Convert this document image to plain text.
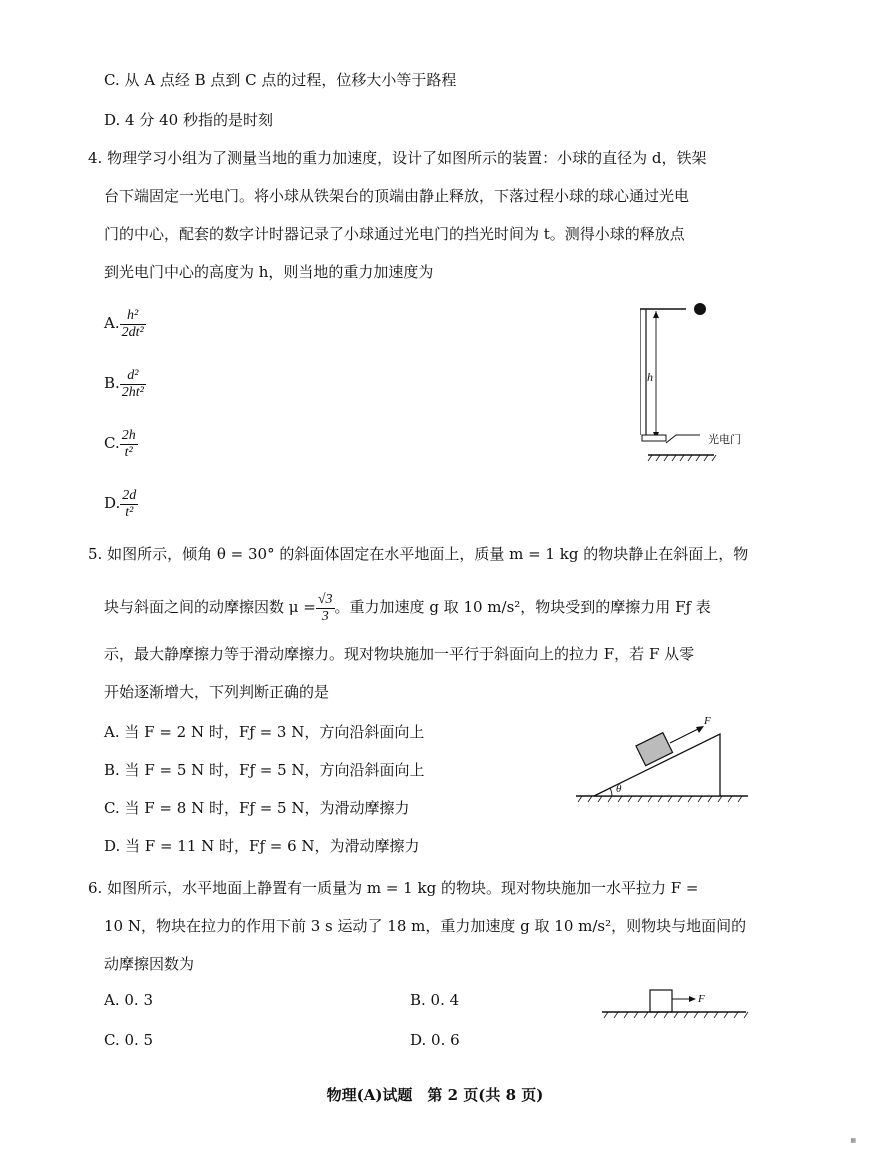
C. 从 A 点经 B 点到 C 点的过程，位移大小等于路程
D. 4 分 40 秒指的是时刻
4. 物理学习小组为了测量当地的重力加速度，设计了如图所示的装置：小球的直径为 d，铁架
台下端固定一光电门。将小球从铁架台的顶端由静止释放，下落过程小球的球心通过光电
门的中心，配套的数字计时器记录了小球通过光电门的挡光时间为 t。测得小球的释放点
到光电门中心的高度为 h，则当地的重力加速度为
A. $\frac{\text{h²}}{\text{2dt²}}$
B. $\frac{\text{d²}}{\text{2ht²}}$
C. $\frac{2h}{\text{t²}}$
D. $\frac{2d}{\text{t²}}$
h
光电门
5. 如图所示，倾角 θ = 30° 的斜面体固定在水平地面上，质量 m = 1 kg 的物块静止在斜面上，物
块与斜面之间的动摩擦因数 $\mu = \frac{√3}{3}$ 。重力加速度 g 取 10 m/s²，物块受到的摩擦力用 Fƒ 表
示，最大静摩擦力等于滑动摩擦力。现对物块施加一平行于斜面向上的拉力 F，若 F 从零
开始逐渐增大，下列判断正确的是
A. 当 F = 2 N 时，Fƒ = 3 N，方向沿斜面向上
B. 当 F = 5 N 时，Fƒ = 5 N，方向沿斜面向上
C. 当 F = 8 N 时，Fƒ = 5 N，为滑动摩擦力
D. 当 F = 11 N 时，Fƒ = 6 N，为滑动摩擦力
θ
F
6. 如图所示，水平地面上静置有一质量为 m = 1 kg 的物块。现对物块施加一水平拉力 F =
10 N，物块在拉力的作用下前 3 s 运动了 18 m，重力加速度 g 取 10 m/s²，则物块与地面间的
动摩擦因数为
A. 0. 3	B. 0. 4
C. 0. 5	D. 0. 6
F
物理(A)试题　第 2 页(共 8 页)
▦
